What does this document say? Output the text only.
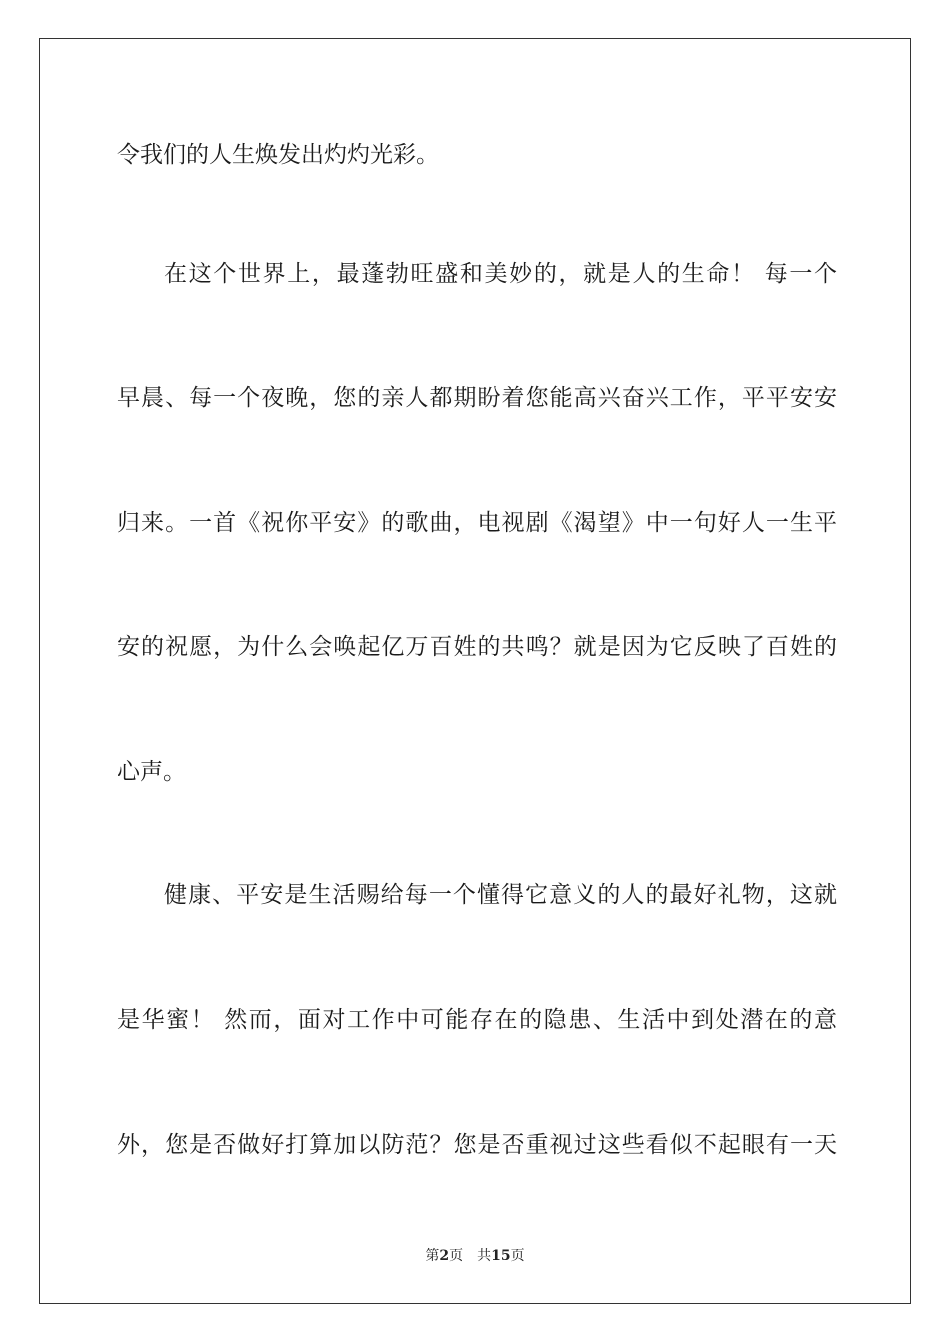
令我们的人生焕发出灼灼光彩。
在这个世界上，最蓬勃旺盛和美妙的，就是人的生命！ 每一个
早晨、每一个夜晚，您的亲人都期盼着您能高兴奋兴工作，平平安安
归来。一首《祝你平安》的歌曲，电视剧《渴望》中一句好人一生平
安的祝愿，为什么会唤起亿万百姓的共鸣？就是因为它反映了百姓的
心声。
健康、平安是生活赐给每一个懂得它意义的人的最好礼物，这就
是华蜜！ 然而，面对工作中可能存在的隐患、生活中到处潜在的意
外，您是否做好打算加以防范？您是否重视过这些看似不起眼有一天
第2页 共15页
